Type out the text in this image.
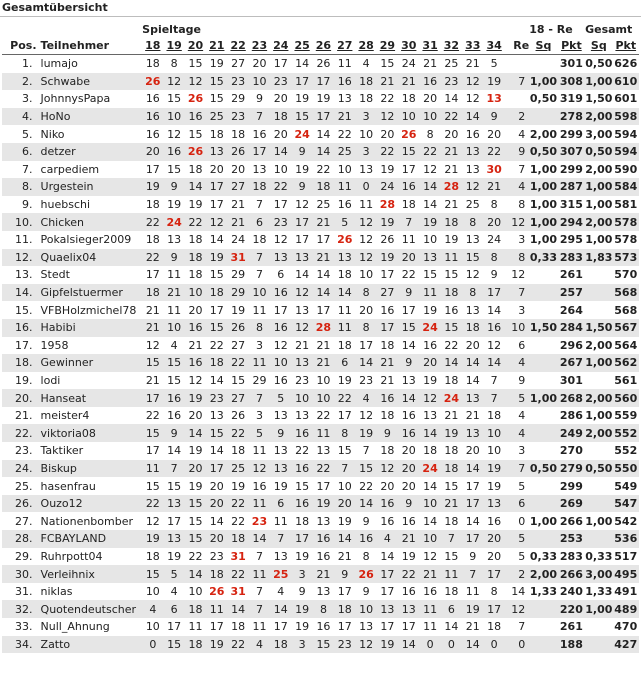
Gesamtübersicht
		Spieltage																		18 - Re		Gesamt	
Pos.	Teilnehmer	18	19	20	21	22	23	24	25	26	27	28	29	30	31	32	33	34	Re	Sq	Pkt	Sq	Pkt
1.	lumajo	18	8	15	19	27	20	17	14	26	11	4	15	24	21	25	21	5			301	0,50	626
2.	Schwabe	26	12	12	15	23	10	23	17	17	16	18	21	21	16	23	12	19	7	1,00	308	1,00	610
3.	JohnnysPapa	16	15	26	15	29	9	20	19	19	13	18	22	18	20	14	12	13		0,50	319	1,50	601
4.	HoNo	16	10	16	25	23	7	18	15	17	21	3	12	10	10	22	14	9	2		278	2,00	598
5.	Niko	16	12	15	18	18	16	20	24	14	22	10	20	26	8	20	16	20	4	2,00	299	3,00	594
6.	detzer	20	16	26	13	26	17	14	9	14	25	3	22	15	22	21	13	22	9	0,50	307	0,50	594
7.	carpediem	17	15	18	20	20	13	10	19	22	10	13	19	17	12	21	13	30	7	1,00	299	2,00	590
8.	Urgestein	19	9	14	17	27	18	22	9	18	11	0	24	16	14	28	12	21	4	1,00	287	1,00	584
9.	huebschi	18	19	19	17	21	7	17	12	25	16	11	28	18	14	21	25	8	8	1,00	315	1,00	581
10.	Chicken	22	24	22	12	21	6	23	17	21	5	12	19	7	19	18	8	20	12	1,00	294	2,00	578
11.	Pokalsieger2009	18	13	18	14	24	18	12	17	17	26	12	26	11	10	19	13	24	3	1,00	295	1,00	578
12.	Quaelix04	22	9	18	19	31	7	13	13	21	13	12	19	20	13	11	15	8	8	0,33	283	1,83	573
13.	Stedt	17	11	18	15	29	7	6	14	14	18	10	17	22	15	15	12	9	12		261		570
14.	Gipfelstuermer	18	21	10	18	29	10	16	12	14	14	8	27	9	11	18	8	17	7		257		568
15.	VFBHolzmichel78	21	11	20	17	19	11	17	13	17	11	20	16	17	19	16	13	14	3		264		568
16.	Habibi	21	10	16	15	26	8	16	12	28	11	8	17	15	24	15	18	16	10	1,50	284	1,50	567
17.	1958	12	4	21	22	27	3	12	21	21	18	17	18	14	16	22	20	12	6		296	2,00	564
18.	Gewinner	15	15	16	18	22	11	10	13	21	6	14	21	9	20	14	14	14	4		267	1,00	562
19.	lodi	21	15	12	14	15	29	16	23	10	19	23	21	13	19	18	14	7	9		301		561
20.	Hanseat	17	16	19	23	27	7	5	10	10	22	4	16	14	12	24	13	7	5	1,00	268	2,00	560
21.	meister4	22	16	20	13	26	3	13	13	22	17	12	18	16	13	21	21	18	4		286	1,00	559
22.	viktoria08	15	9	14	15	22	5	9	16	11	8	19	9	16	14	19	13	10	4		249	2,00	552
23.	Taktiker	17	14	19	14	18	11	13	22	13	15	7	18	20	18	18	20	10	3		270		552
24.	Biskup	11	7	20	17	25	12	13	16	22	7	15	12	20	24	18	14	19	7	0,50	279	0,50	550
25.	hasenfrau	15	15	19	20	19	16	19	15	17	10	22	20	20	14	15	17	19	5		299		549
26.	Ouzo12	22	13	15	20	22	11	6	16	19	20	14	16	9	10	21	17	13	6		269		547
27.	Nationenbomber	12	17	15	14	22	23	11	18	13	19	9	16	16	14	18	14	16	0	1,00	266	1,00	542
28.	FCBAYLAND	19	13	15	20	18	14	7	17	16	14	16	4	21	10	7	17	20	5		253		536
29.	Ruhrpott04	18	19	22	23	31	7	13	19	16	21	8	14	19	12	15	9	20	5	0,33	283	0,33	517
30.	Verleihnix	15	5	14	18	22	11	25	3	21	9	26	17	22	21	11	7	17	2	2,00	266	3,00	495
31.	niklas	10	4	10	26	31	7	4	9	13	17	9	17	16	16	18	11	8	14	1,33	240	1,33	491
32.	Quotendeutscher	4	6	18	11	14	7	14	19	8	18	10	13	13	11	6	19	17	12		220	1,00	489
33.	Null_Ahnung	10	17	11	17	18	11	17	19	16	17	13	17	17	11	14	21	18	7		261		470
34.	Zatto	0	15	18	19	22	4	18	3	15	23	12	19	14	0	0	14	0	0		188		427
